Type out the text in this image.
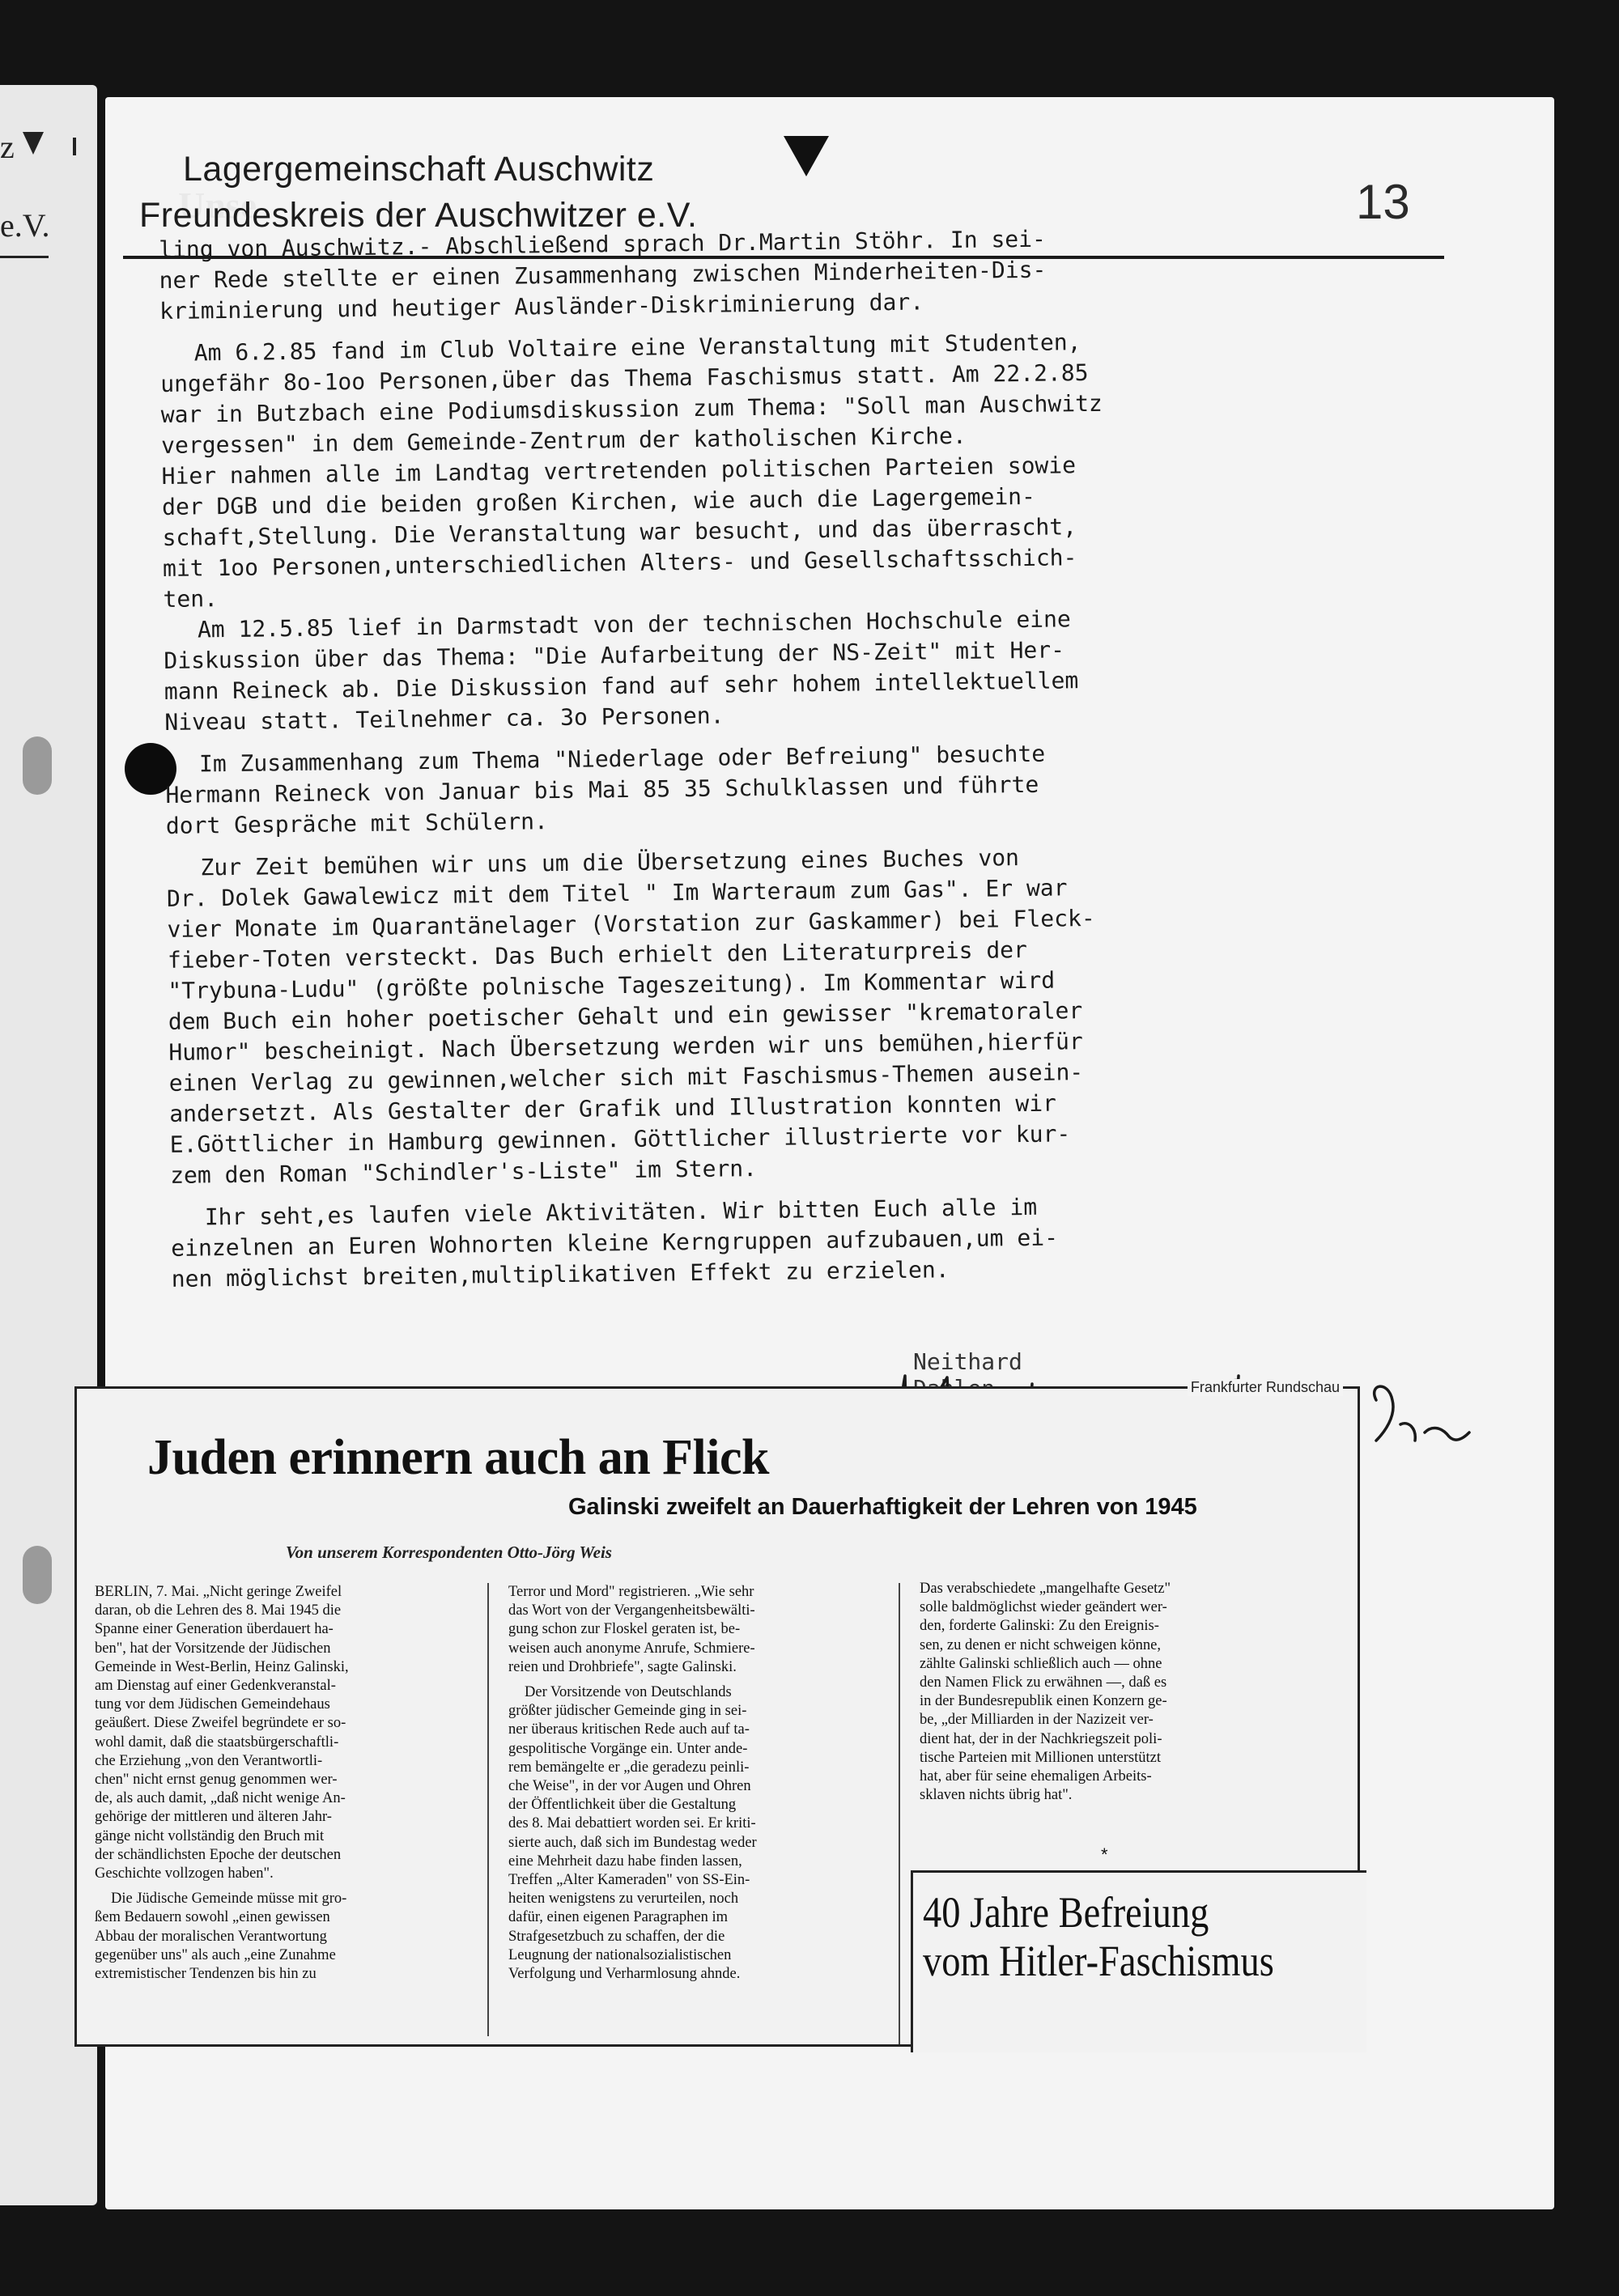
z
e.V.
Lagergemeinschaft Auschwitz
Freundeskreis der Auschwitzer e.V.	13
ling von Auschwitz.- Abschließend sprach Dr.Martin Stöhr. In sei-
ner Rede stellte er einen Zusammenhang zwischen Minderheiten-Dis-
kriminierung und heutiger Ausländer-Diskriminierung dar.
Am 6.2.85 fand im Club Voltaire eine Veranstaltung mit Studenten,
ungefähr 8o-1oo Personen,über das Thema Faschismus statt. Am 22.2.85
war in Butzbach eine Podiumsdiskussion zum Thema: "Soll man Auschwitz
vergessen" in dem Gemeinde-Zentrum der katholischen Kirche.
Hier nahmen alle im Landtag vertretenden politischen Parteien sowie
der DGB und die beiden großen Kirchen, wie auch die Lagergemein-
schaft,Stellung. Die Veranstaltung war besucht, und das überrascht,
mit 1oo Personen,unterschiedlichen Alters- und Gesellschaftsschich-
ten.
Am 12.5.85 lief in Darmstadt von der technischen Hochschule eine
Diskussion über das Thema: "Die Aufarbeitung der NS-Zeit" mit Her-
mann Reineck ab. Die Diskussion fand auf sehr hohem intellektuellem
Niveau statt. Teilnehmer ca. 3o Personen.
Im Zusammenhang zum Thema "Niederlage oder Befreiung" besuchte
Hermann Reineck von Januar bis Mai 85 35 Schulklassen und führte
dort Gespräche mit Schülern.
Zur Zeit bemühen wir uns um die Übersetzung eines Buches von
Dr. Dolek Gawalewicz mit dem Titel " Im Warteraum zum Gas". Er war
vier Monate im Quarantänelager (Vorstation zur Gaskammer) bei Fleck-
fieber-Toten versteckt. Das Buch erhielt den Literaturpreis der
"Trybuna-Ludu" (größte polnische Tageszeitung). Im Kommentar wird
dem Buch ein hoher poetischer Gehalt und ein gewisser "krematoraler
Humor" bescheinigt. Nach Übersetzung werden wir uns bemühen,hierfür
einen Verlag zu gewinnen,welcher sich mit Faschismus-Themen ausein-
andersetzt. Als Gestalter der Grafik und Illustration konnten wir
E.Göttlicher in Hamburg gewinnen. Göttlicher illustrierte vor kur-
zem den Roman "Schindler's-Liste" im Stern.
Ihr seht,es laufen viele Aktivitäten. Wir bitten Euch alle im
einzelnen an Euren Wohnorten kleine Kerngruppen aufzubauen,um ei-
nen möglichst breiten,multiplikativen Effekt zu erzielen.
Neithard
Frankfurter Rundschau
Juden erinnern auch an Flick
Galinski zweifelt an Dauerhaftigkeit der Lehren von 1945
Von unserem Korrespondenten Otto-Jörg Weis

BERLIN, 7. Mai. „Nicht geringe Zweifel
daran, ob die Lehren des 8. Mai 1945 die
Spanne einer Generation überdauert ha-
ben", hat der Vorsitzende der Jüdischen
Gemeinde in West-Berlin, Heinz Galinski,
am Dienstag auf einer Gedenkveranstal-
tung vor dem Jüdischen Gemeindehaus
geäußert. Diese Zweifel begründete er so-
wohl damit, daß die staatsbürgerschaftli-
che Erziehung „von den Verantwortli-
chen" nicht ernst genug genommen wer-
de, als auch damit, „daß nicht wenige An-
gehörige der mittleren und älteren Jahr-
gänge nicht vollständig den Bruch mit
der schändlichsten Epoche der deutschen
Geschichte vollzogen haben".

Die Jüdische Gemeinde müsse mit gro-
ßem Bedauern sowohl „einen gewissen
Abbau der moralischen Verantwortung
gegenüber uns" als auch „eine Zunahme
extremistischer Tendenzen bis hin zu

Terror und Mord" registrieren. „Wie sehr
das Wort von der Vergangenheitsbewälti-
gung schon zur Floskel geraten ist, be-
weisen auch anonyme Anrufe, Schmiere-
reien und Drohbriefe", sagte Galinski.

Der Vorsitzende von Deutschlands
größter jüdischer Gemeinde ging in sei-
ner überaus kritischen Rede auch auf ta-
gespolitische Vorgänge ein. Unter ande-
rem bemängelte er „die geradezu peinli-
che Weise", in der vor Augen und Ohren
der Öffentlichkeit über die Gestaltung
des 8. Mai debattiert worden sei. Er kriti-
sierte auch, daß sich im Bundestag weder
eine Mehrheit dazu habe finden lassen,
Treffen „Alter Kameraden" von SS-Ein-
heiten wenigstens zu verurteilen, noch
dafür, einen eigenen Paragraphen im
Strafgesetzbuch zu schaffen, der die
Leugnung der nationalsozialistischen
Verfolgung und Verharmlosung ahnde.

Das verabschiedete „mangelhafte Gesetz"
solle baldmöglichst wieder geändert wer-
den, forderte Galinski: Zu den Ereignis-
sen, zu denen er nicht schweigen könne,
zählte Galinski schließlich auch — ohne
den Namen Flick zu erwähnen —, daß es
in der Bundesrepublik einen Konzern ge-
be, „der Milliarden in der Nazizeit ver-
dient hat, der in der Nachkriegszeit poli-
tische Parteien mit Millionen unterstützt
hat, aber für seine ehemaligen Arbeits-
sklaven nichts übrig hat".

*
40 Jahre Befreiung
vom Hitler-Faschismus
